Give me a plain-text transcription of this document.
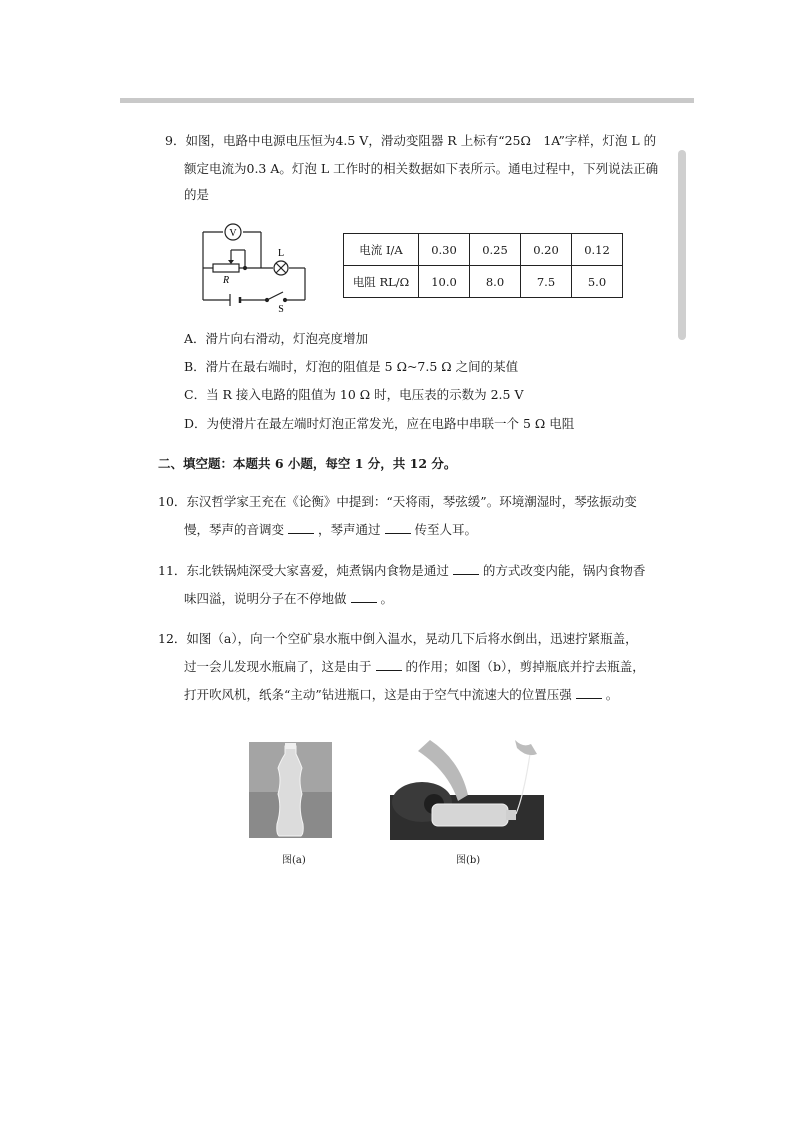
9．如图，电路中电源电压恒为4.5 V，滑动变阻器 R 上标有“25Ω　1A”字样，灯泡 L 的
额定电流为0.3 A。灯泡 L 工作时的相关数据如下表所示。通电过程中，下列说法正确
的是
V
L
R
S
电流 I/A	0.30	0.25	0.20	0.12
电阻 RL/Ω	10.0	8.0	7.5	5.0
A．滑片向右滑动，灯泡亮度增加
B．滑片在最右端时，灯泡的阻值是 5 Ω~7.5 Ω 之间的某值
C．当 R 接入电路的阻值为 10 Ω 时，电压表的示数为 2.5 V
D．为使滑片在最左端时灯泡正常发光，应在电路中串联一个 5 Ω 电阻
二、填空题：本题共 6 小题，每空 1 分，共 12 分。
10．东汉哲学家王充在《论衡》中提到：“天将雨，琴弦缓”。环境潮湿时，琴弦振动变
慢，琴声的音调变	，琴声通过	传至人耳。
11．东北铁锅炖深受大家喜爱，炖煮锅内食物是通过	的方式改变内能，锅内食物香
味四溢，说明分子在不停地做	。
12．如图（a），向一个空矿泉水瓶中倒入温水，晃动几下后将水倒出，迅速拧紧瓶盖，
过一会儿发现水瓶扁了，这是由于	的作用；如图（b），剪掉瓶底并拧去瓶盖，
打开吹风机，纸条“主动”钻进瓶口，这是由于空气中流速大的位置压强	。
图(a)	图(b)
